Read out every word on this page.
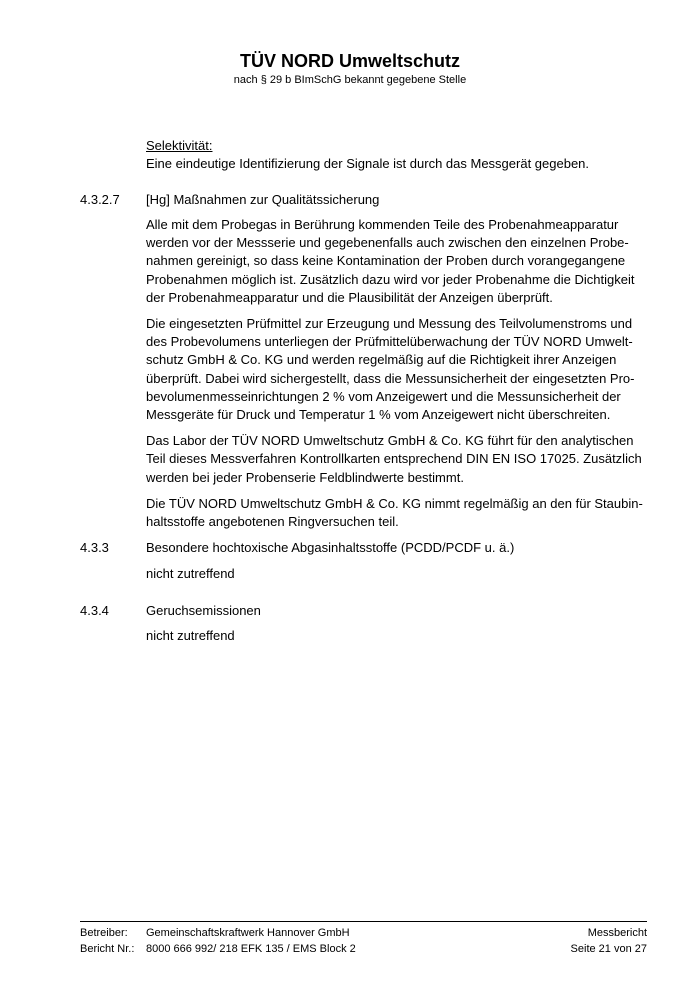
TÜV NORD Umweltschutz
nach § 29 b BImSchG bekannt gegebene Stelle

Selektivität:

Eine eindeutige Identifizierung der Signale ist durch das Messgerät gegeben.

4.3.2.7 [Hg] Maßnahmen zur Qualitätssicherung

Alle mit dem Probegas in Berührung kommenden Teile des Probenahmeapparatur

werden vor der Messserie und gegebenenfalls auch zwischen den einzelnen Probe-

nahmen gereinigt, so dass keine Kontamination der Proben durch vorangegangene

Probenahmen möglich ist. Zusätzlich dazu wird vor jeder Probenahme die Dichtigkeit

der Probenahmeapparatur und die Plausibilität der Anzeigen überprüft.

Die eingesetzten Prüfmittel zur Erzeugung und Messung des Teilvolumenstroms und

des Probevolumens unterliegen der Prüfmittelüberwachung der TÜV NORD Umwelt-

schutz GmbH & Co. KG und werden regelmäßig auf die Richtigkeit ihrer Anzeigen

überprüft. Dabei wird sichergestellt, dass die Messunsicherheit der eingesetzten Pro-

bevolumenmesseinrichtungen 2 % vom Anzeigewert und die Messunsicherheit der

Messgeräte für Druck und Temperatur 1 % vom Anzeigewert nicht überschreiten.

Das Labor der TÜV NORD Umweltschutz GmbH & Co. KG führt für den analytischen

Teil dieses Messverfahren Kontrollkarten entsprechend DIN EN ISO 17025. Zusätzlich

werden bei jeder Probenserie Feldblindwerte bestimmt.

Die TÜV NORD Umweltschutz GmbH & Co. KG nimmt regelmäßig an den für Staubin-

haltsstoffe angebotenen Ringversuchen teil.

4.3.3	Besondere hochtoxische Abgasinhaltsstoffe (PCDD/PCDF u. ä.)
nicht zutreffend
4.3.4	Geruchsemissionen
nicht zutreffend
Betreiber: Gemeinschaftskraftwerk Hannover GmbH	Messbericht
Bericht Nr.: 8000 666 992/ 218 EFK 135 / EMS Block 2	Seite 21 von 27
